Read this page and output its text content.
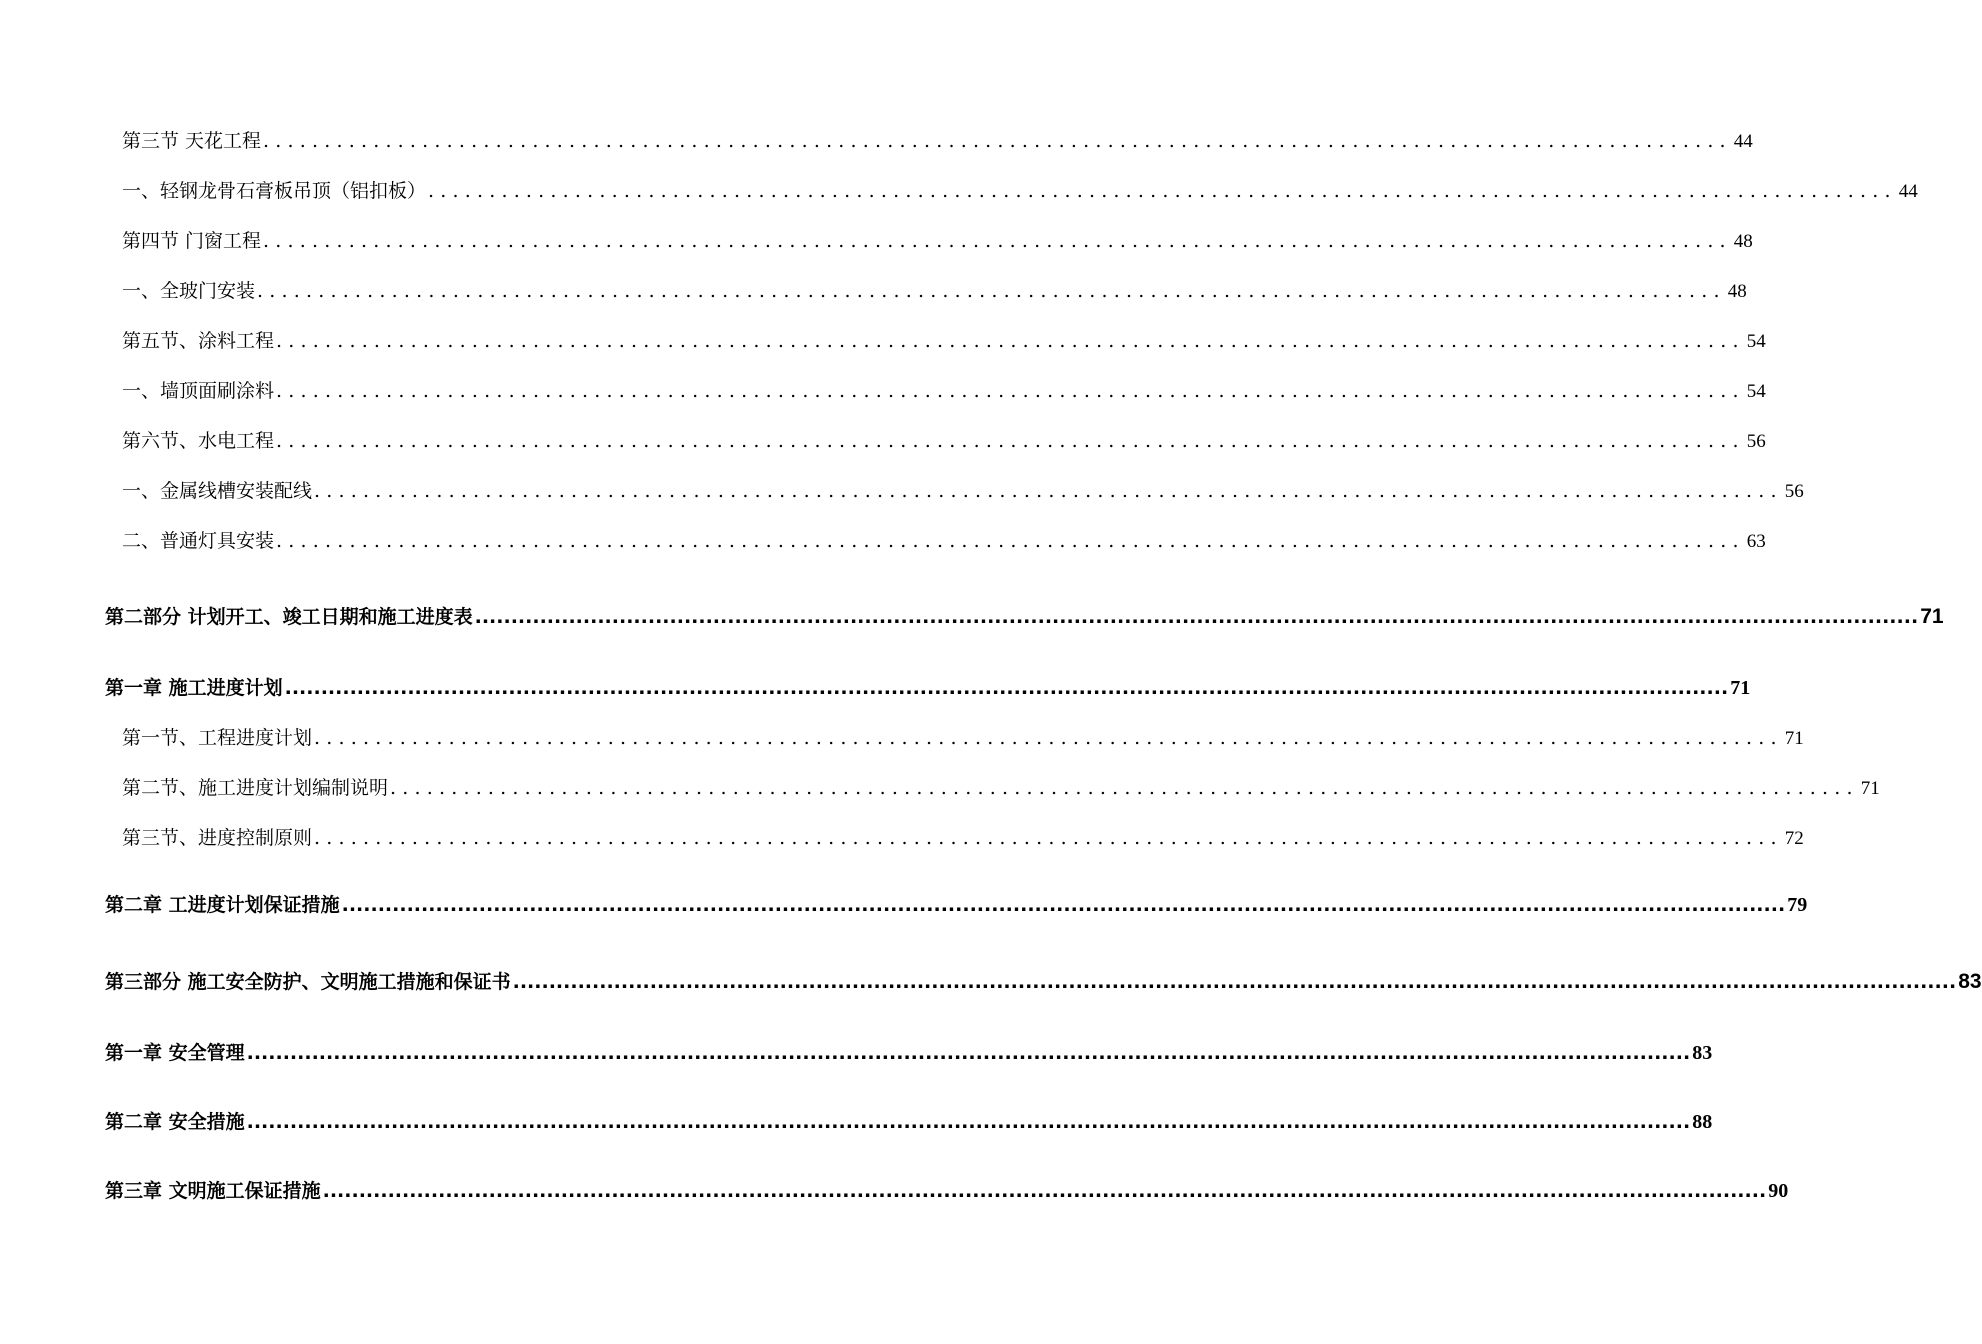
第三节 天花工程 ........................................................................................................................ 44
一、轻钢龙骨石膏板吊顶（铝扣板） ........................................................................................................................ 44
第四节 门窗工程 ........................................................................................................................ 48
一、全玻门安装 ........................................................................................................................ 48
第五节、涂料工程 ........................................................................................................................ 54
一、墙顶面刷涂料 ........................................................................................................................ 54
第六节、水电工程 ........................................................................................................................ 56
一、金属线槽安装配线 ........................................................................................................................ 56
二、普通灯具安装 ........................................................................................................................ 63
第二部分 计划开工、竣工日期和施工进度表 ........................................................................................................................................................................................................ 71
第一章 施工进度计划 ........................................................................................................................................................................................................ 71
第一节、工程进度计划 ........................................................................................................................ 71
第二节、施工进度计划编制说明 ........................................................................................................................ 71
第三节、进度控制原则 ........................................................................................................................ 72
第二章 工进度计划保证措施 ........................................................................................................................................................................................................ 79
第三部分 施工安全防护、文明施工措施和保证书 ........................................................................................................................................................................................................ 83
第一章 安全管理 ........................................................................................................................................................................................................ 83
第二章 安全措施 ........................................................................................................................................................................................................ 88
第三章 文明施工保证措施 ........................................................................................................................................................................................................ 90
